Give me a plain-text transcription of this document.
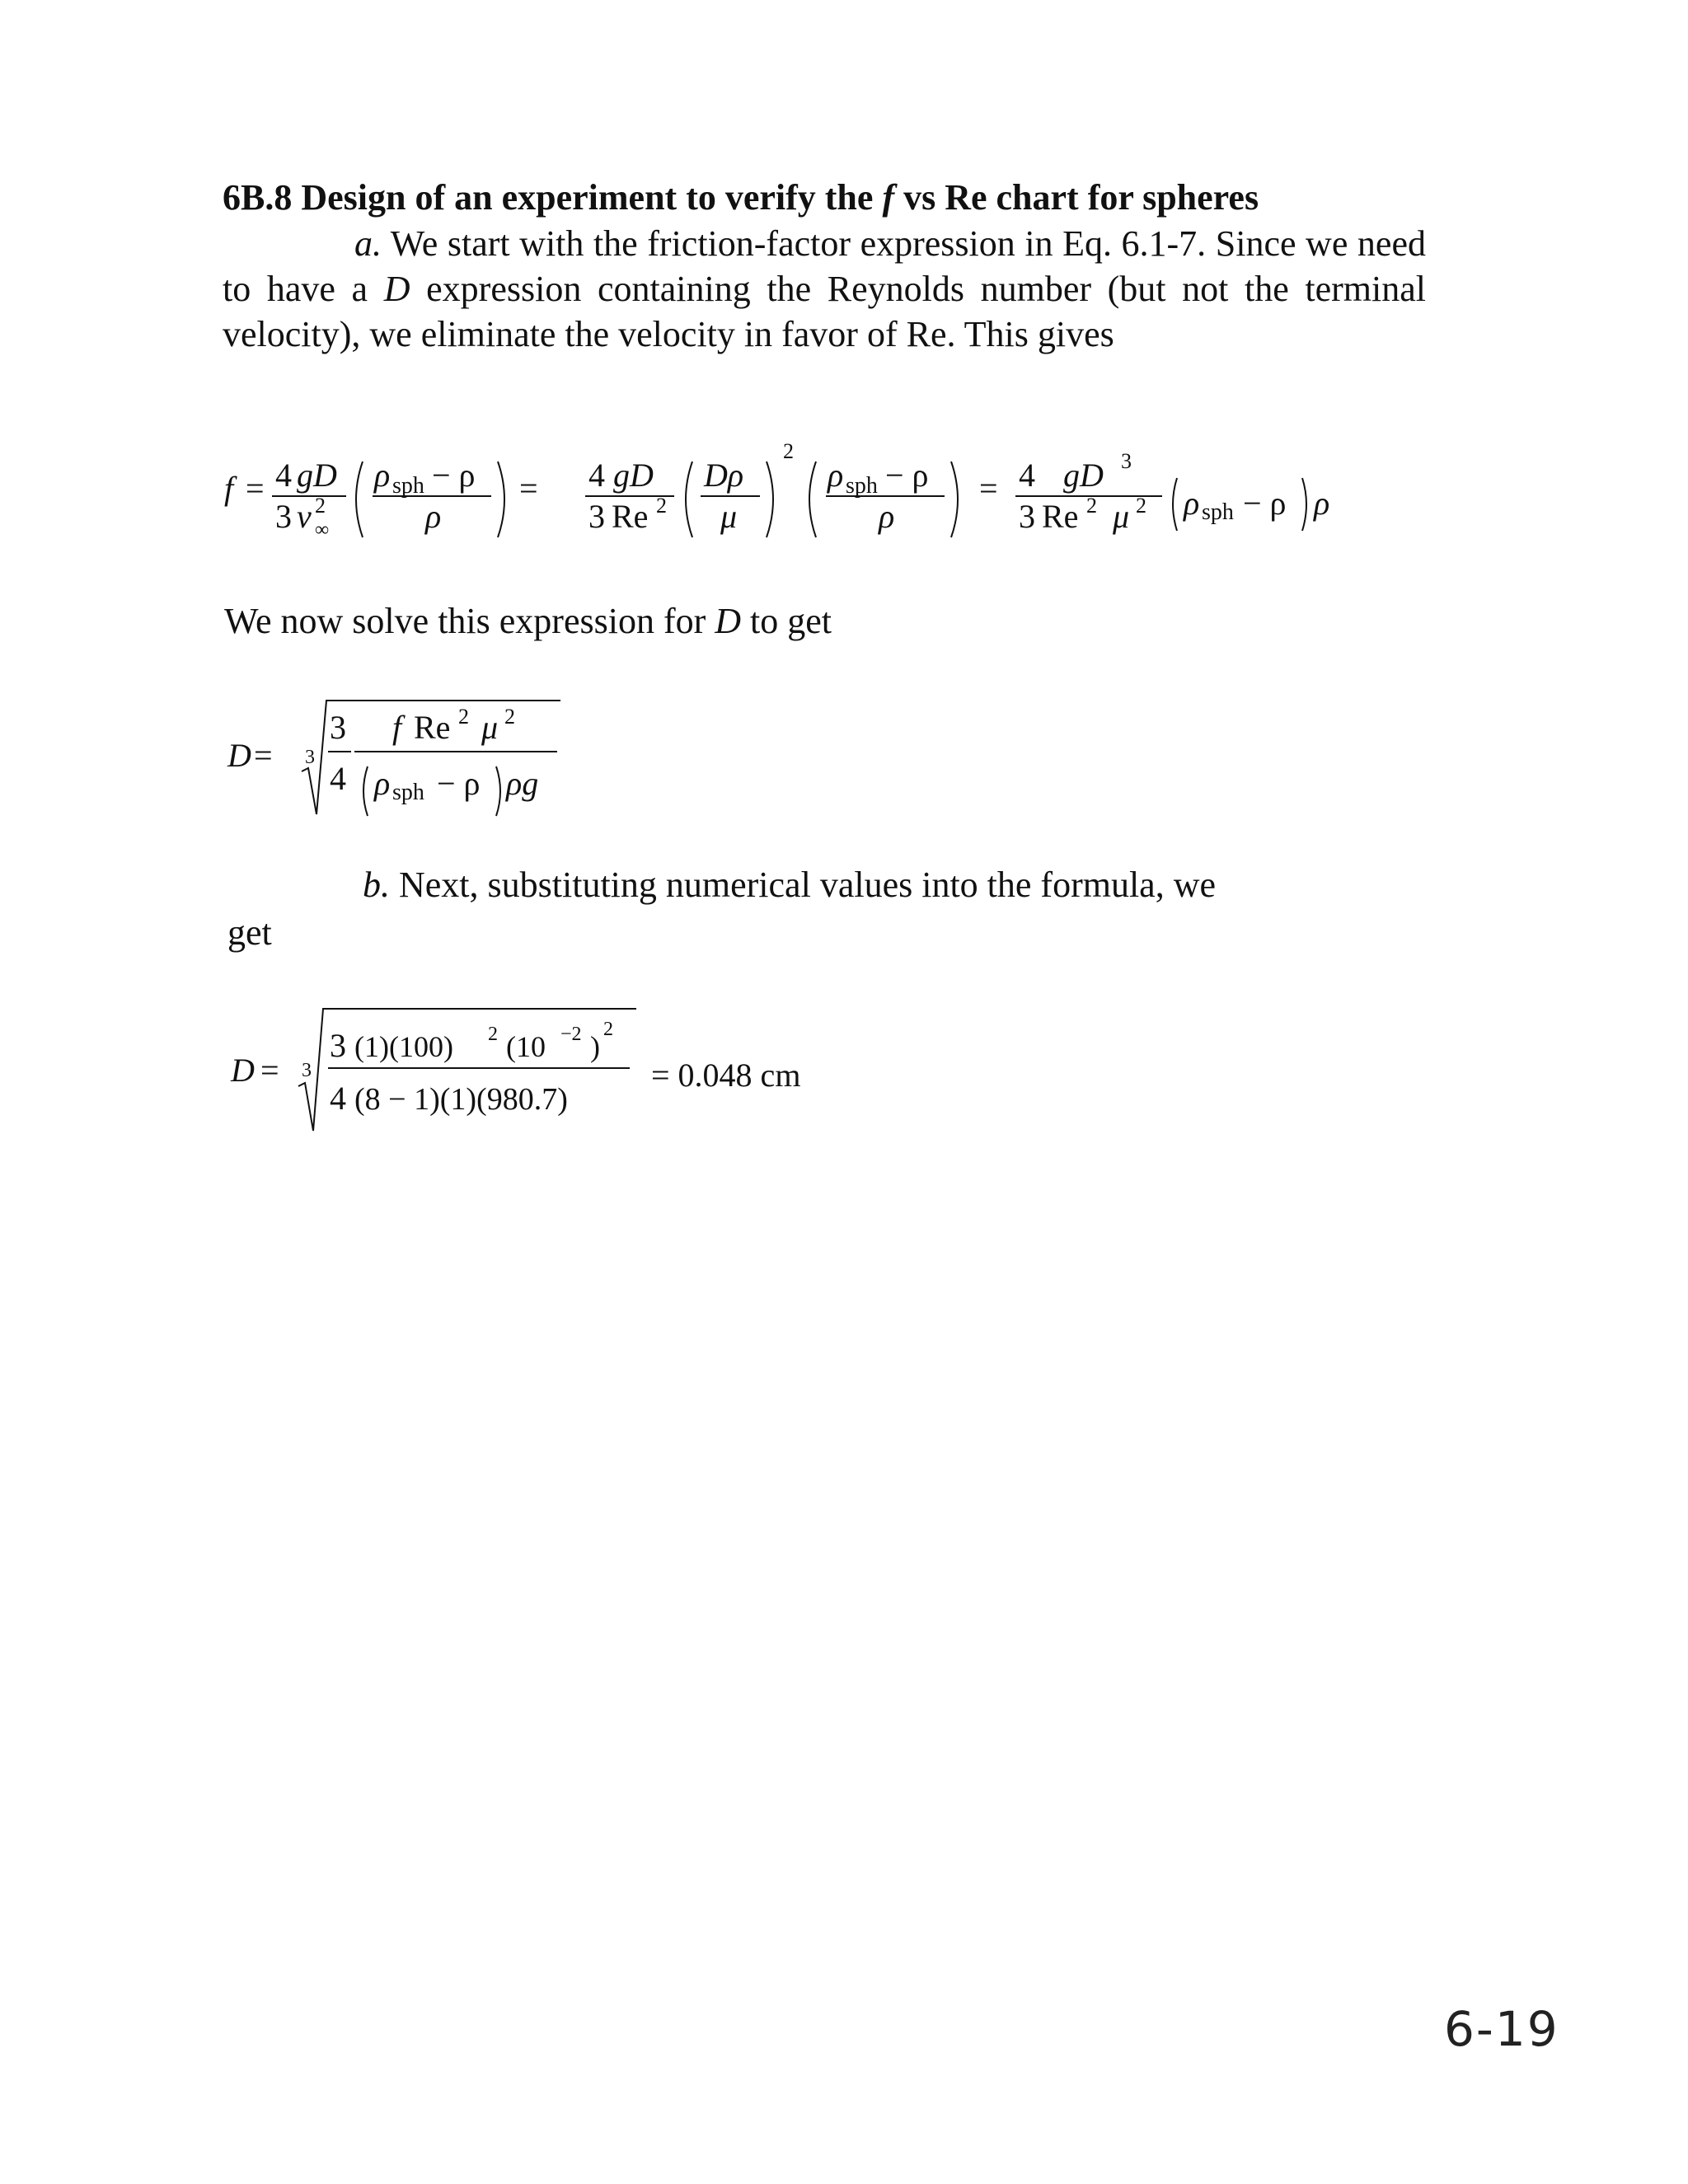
6B.8 Design of an experiment to verify the f vs Re chart for spheres
a. We start with the friction-factor expression in Eq. 6.1-7. Since we need to have a D expression containing the Reynolds number (but not the terminal velocity), we eliminate the velocity in favor of Re. This gives
f = 4
3
gD
v 2
∞
ρ sph − ρ
ρ
= 4
3
gD
Re 2
Dρ
μ
2
ρ sph − ρ
ρ
= 4
3
gD 3
Re 2 μ 2 ρ sph − ρ ρ
D = 3
3
4
f Re 2 μ 2
ρ sph − ρ ρg
D = 3
3 (1)(100) 2 (10 −2 )
2
4 (8 − 1)(1)(980.7)
= 0.048 cm
We now solve this expression for D to get
b. Next, substituting numerical values into the formula, we
get
6-19
